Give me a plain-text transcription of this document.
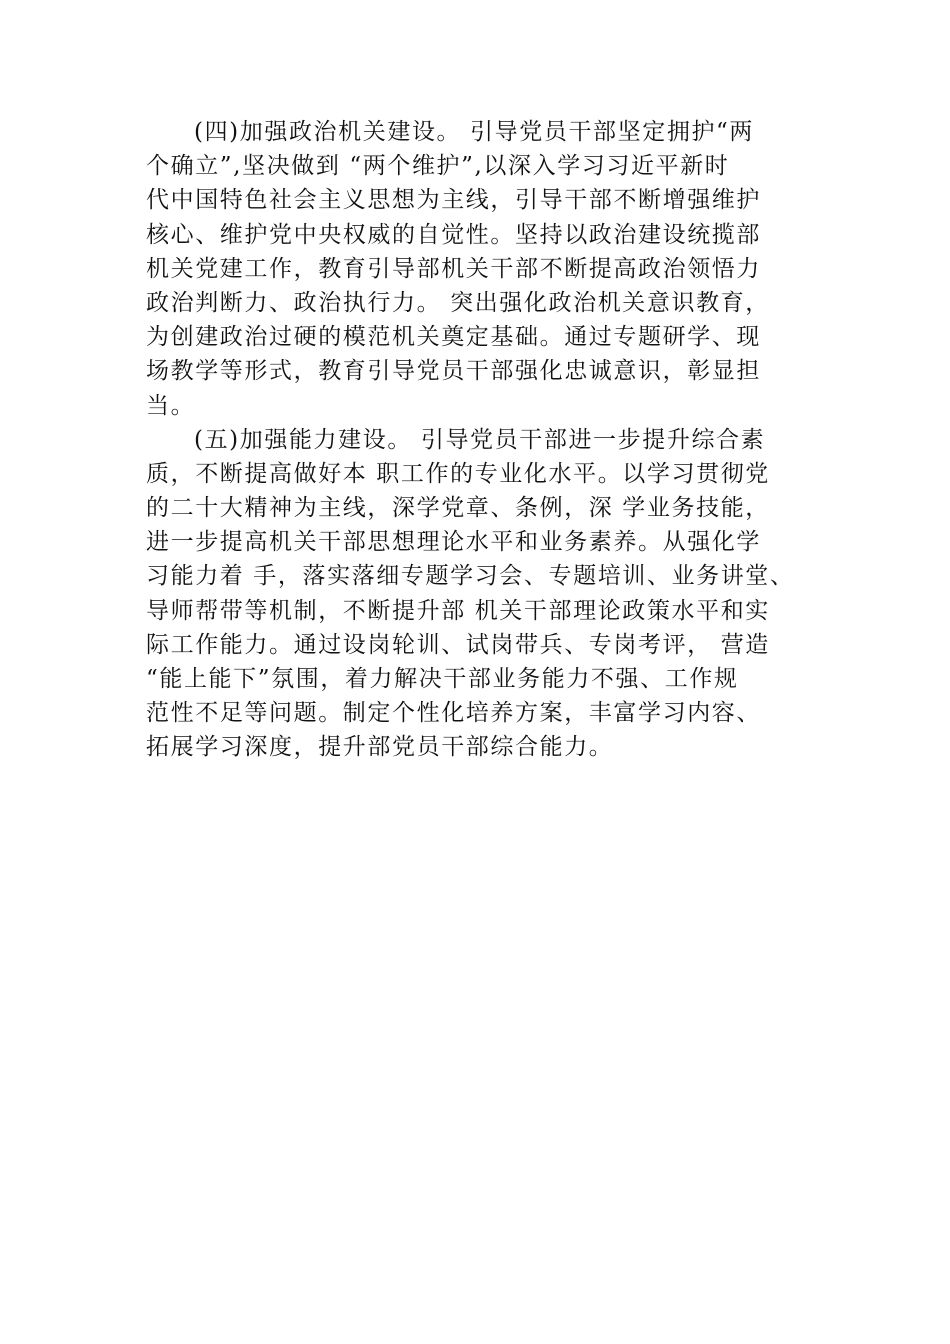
(四)加强政治机关建设。 引导党员干部坚定拥护“两
个确立”,坚决做到 “两个维护”,以深入学习习近平新时
代中国特色社会主义思想为主线，引导干部不断增强维护
核心、维护党中央权威的自觉性。坚持以政治建设统揽部
机关党建工作，教育引导部机关干部不断提高政治领悟力
政治判断力、政治执行力。 突出强化政治机关意识教育，
为创建政治过硬的模范机关奠定基础。通过专题研学、现
场教学等形式，教育引导党员干部强化忠诚意识，彰显担
当。
(五)加强能力建设。 引导党员干部进一步提升综合素
质，不断提高做好本 职工作的专业化水平。以学习贯彻党
的二十大精神为主线，深学党章、条例，深 学业务技能，
进一步提高机关干部思想理论水平和业务素养。从强化学
习能力着 手，落实落细专题学习会、专题培训、业务讲堂、
导师帮带等机制，不断提升部 机关干部理论政策水平和实
际工作能力。通过设岗轮训、试岗带兵、专岗考评， 营造
“能上能下”氛围，着力解决干部业务能力不强、工作规
范性不足等问题。制定个性化培养方案，丰富学习内容、
拓展学习深度，提升部党员干部综合能力。
